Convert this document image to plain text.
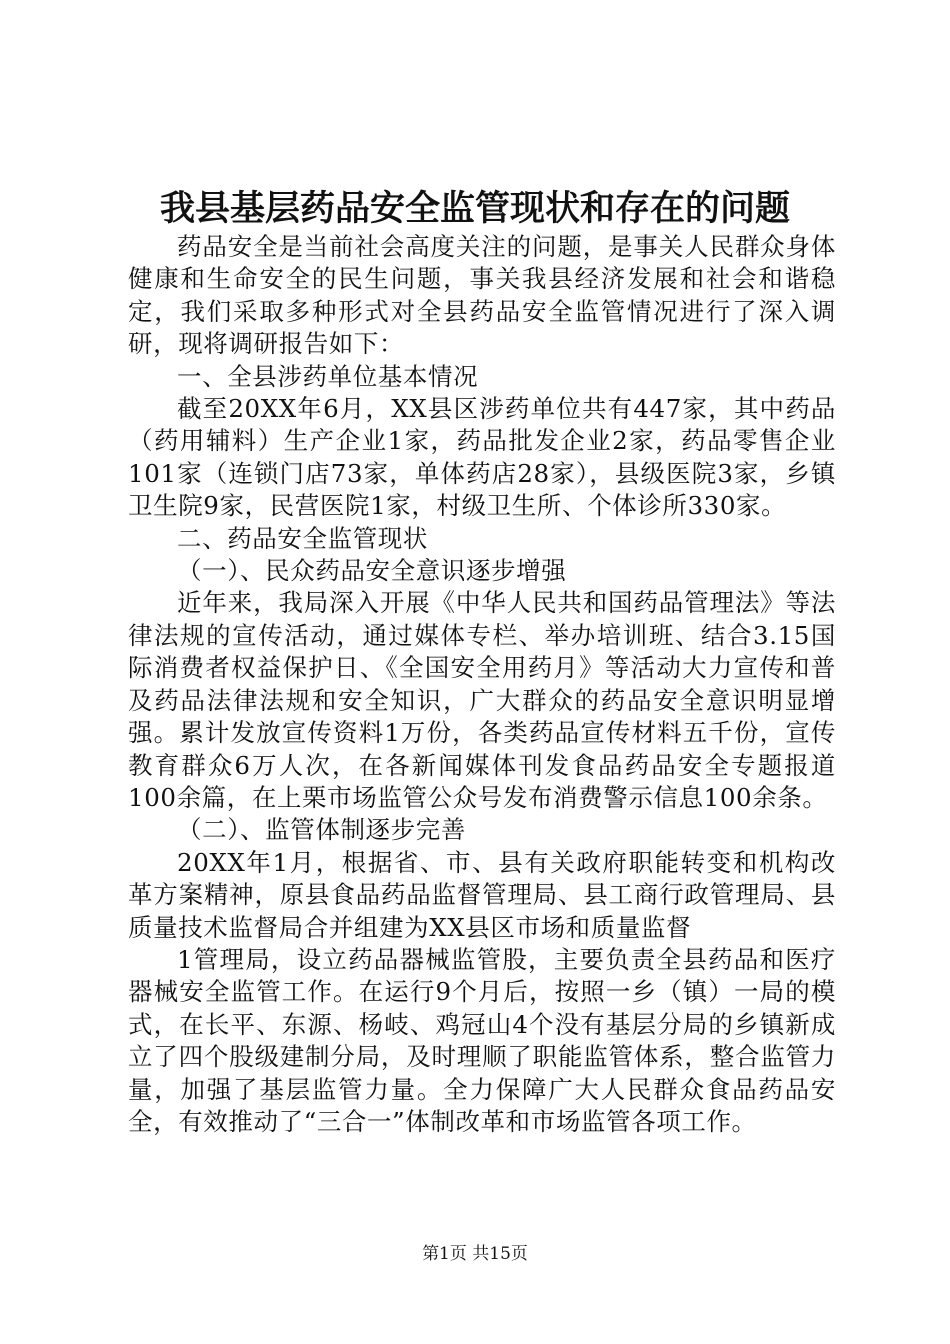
我县基层药品安全监管现状和存在的问题

药品安全是当前社会高度关注的问题，是事关人民群众身体健康和生命安全的民生问题，事关我县经济发展和社会和谐稳定，我们采取多种形式对全县药品安全监管情况进行了深入调研，现将调研报告如下：

一、全县涉药单位基本情况

截至20XX年6月，XX县区涉药单位共有447家，其中药品（药用辅料）生产企业1家，药品批发企业2家，药品零售企业101家（连锁门店73家，单体药店28家），县级医院3家，乡镇卫生院9家，民营医院1家，村级卫生所、个体诊所330家。

二、药品安全监管现状

（一）、民众药品安全意识逐步增强

近年来，我局深入开展《中华人民共和国药品管理法》等法律法规的宣传活动，通过媒体专栏、举办培训班、结合3.15国际消费者权益保护日、《全国安全用药月》等活动大力宣传和普及药品法律法规和安全知识，广大群众的药品安全意识明显增强。累计发放宣传资料1万份，各类药品宣传材料五千份，宣传教育群众6万人次，在各新闻媒体刊发食品药品安全专题报道100余篇，在上栗市场监管公众号发布消费警示信息100余条。

（二）、监管体制逐步完善

20XX年1月，根据省、市、县有关政府职能转变和机构改革方案精神，原县食品药品监督管理局、县工商行政管理局、县质量技术监督局合并组建为XX县区市场和质量监督

1管理局，设立药品器械监管股，主要负责全县药品和医疗器械安全监管工作。在运行9个月后，按照一乡（镇）一局的模式，在长平、东源、杨岐、鸡冠山4个没有基层分局的乡镇新成立了四个股级建制分局，及时理顺了职能监管体系，整合监管力量，加强了基层监管力量。全力保障广大人民群众食品药品安全，有效推动了“三合一”体制改革和市场监管各项工作。

第1页 共15页
